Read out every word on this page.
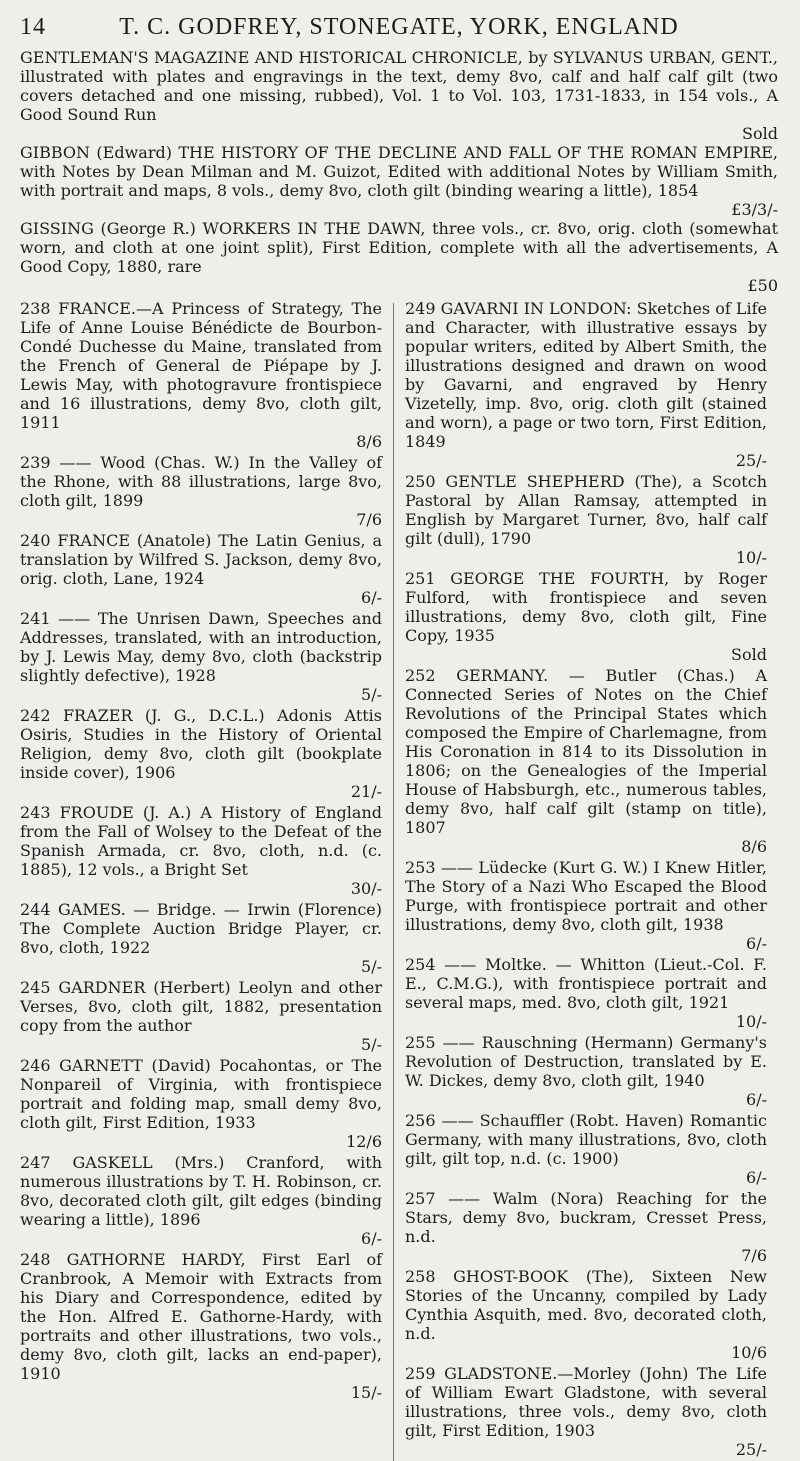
14	T. C. GODFREY, STONEGATE, YORK, ENGLAND

GENTLEMAN'S MAGAZINE AND HISTORICAL CHRONICLE, by SYLVANUS URBAN, GENT., illustrated with plates and engravings in the text, demy 8vo, calf and half calf gilt (two covers detached and one missing, rubbed), Vol. 1 to Vol. 103, 1731-1833, in 154 vols., A Good Sound Run
Sold

GIBBON (Edward) THE HISTORY OF THE DECLINE AND FALL OF THE ROMAN EMPIRE, with Notes by Dean Milman and M. Guizot, Edited with additional Notes by William Smith, with portrait and maps, 8 vols., demy 8vo, cloth gilt (binding wearing a little), 1854
£3/3/-

GISSING (George R.) WORKERS IN THE DAWN, three vols., cr. 8vo, orig. cloth (somewhat worn, and cloth at one joint split), First Edition, complete with all the advertisements, A Good Copy, 1880, rare
£50

238 FRANCE.—A Princess of Strategy, The Life of Anne Louise Bénédicte de Bourbon-Condé Duchesse du Maine, translated from the French of General de Piépape by J. Lewis May, with photogravure frontispiece and 16 illustrations, demy 8vo, cloth gilt, 1911
8/6

239 —— Wood (Chas. W.) In the Valley of the Rhone, with 88 illustrations, large 8vo, cloth gilt, 1899
7/6

240 FRANCE (Anatole) The Latin Genius, a translation by Wilfred S. Jackson, demy 8vo, orig. cloth, Lane, 1924
6/-

241 —— The Unrisen Dawn, Speeches and Addresses, translated, with an introduction, by J. Lewis May, demy 8vo, cloth (backstrip slightly defective), 1928
5/-

242 FRAZER (J. G., D.C.L.) Adonis Attis Osiris, Studies in the History of Oriental Religion, demy 8vo, cloth gilt (bookplate inside cover), 1906
21/-

243 FROUDE (J. A.) A History of England from the Fall of Wolsey to the Defeat of the Spanish Armada, cr. 8vo, cloth, n.d. (c. 1885), 12 vols., a Bright Set
30/-

244 GAMES. — Bridge. — Irwin (Florence) The Complete Auction Bridge Player, cr. 8vo, cloth, 1922
5/-

245 GARDNER (Herbert) Leolyn and other Verses, 8vo, cloth gilt, 1882, presentation copy from the author
5/-

246 GARNETT (David) Pocahontas, or The Nonpareil of Virginia, with frontispiece portrait and folding map, small demy 8vo, cloth gilt, First Edition, 1933
12/6

247 GASKELL (Mrs.) Cranford, with numerous illustrations by T. H. Robinson, cr. 8vo, decorated cloth gilt, gilt edges (binding wearing a little), 1896
6/-

248 GATHORNE HARDY, First Earl of Cranbrook, A Memoir with Extracts from his Diary and Correspondence, edited by the Hon. Alfred E. Gathorne-Hardy, with portraits and other illustrations, two vols., demy 8vo, cloth gilt, lacks an end-paper), 1910
15/-

249 GAVARNI IN LONDON: Sketches of Life and Character, with illustrative essays by popular writers, edited by Albert Smith, the illustrations designed and drawn on wood by Gavarni, and engraved by Henry Vizetelly, imp. 8vo, orig. cloth gilt (stained and worn), a page or two torn, First Edition, 1849
25/-

250 GENTLE SHEPHERD (The), a Scotch Pastoral by Allan Ramsay, attempted in English by Margaret Turner, 8vo, half calf gilt (dull), 1790
10/-

251 GEORGE THE FOURTH, by Roger Fulford, with frontispiece and seven illustrations, demy 8vo, cloth gilt, Fine Copy, 1935
Sold

252 GERMANY. — Butler (Chas.) A Connected Series of Notes on the Chief Revolutions of the Principal States which composed the Empire of Charlemagne, from His Coronation in 814 to its Dissolution in 1806; on the Genealogies of the Imperial House of Habsburgh, etc., numerous tables, demy 8vo, half calf gilt (stamp on title), 1807
8/6

253 —— Lüdecke (Kurt G. W.) I Knew Hitler, The Story of a Nazi Who Escaped the Blood Purge, with frontispiece portrait and other illustrations, demy 8vo, cloth gilt, 1938
6/-

254 —— Moltke. — Whitton (Lieut.-Col. F. E., C.M.G.), with frontispiece portrait and several maps, med. 8vo, cloth gilt, 1921
10/-

255 —— Rauschning (Hermann) Germany's Revolution of Destruction, translated by E. W. Dickes, demy 8vo, cloth gilt, 1940
6/-

256 —— Schauffler (Robt. Haven) Romantic Germany, with many illustrations, 8vo, cloth gilt, gilt top, n.d. (c. 1900)
6/-

257 —— Walm (Nora) Reaching for the Stars, demy 8vo, buckram, Cresset Press, n.d.
7/6

258 GHOST-BOOK (The), Sixteen New Stories of the Uncanny, compiled by Lady Cynthia Asquith, med. 8vo, decorated cloth, n.d.
10/6

259 GLADSTONE.—Morley (John) The Life of William Ewart Gladstone, with several illustrations, three vols., demy 8vo, cloth gilt, First Edition, 1903
25/-
